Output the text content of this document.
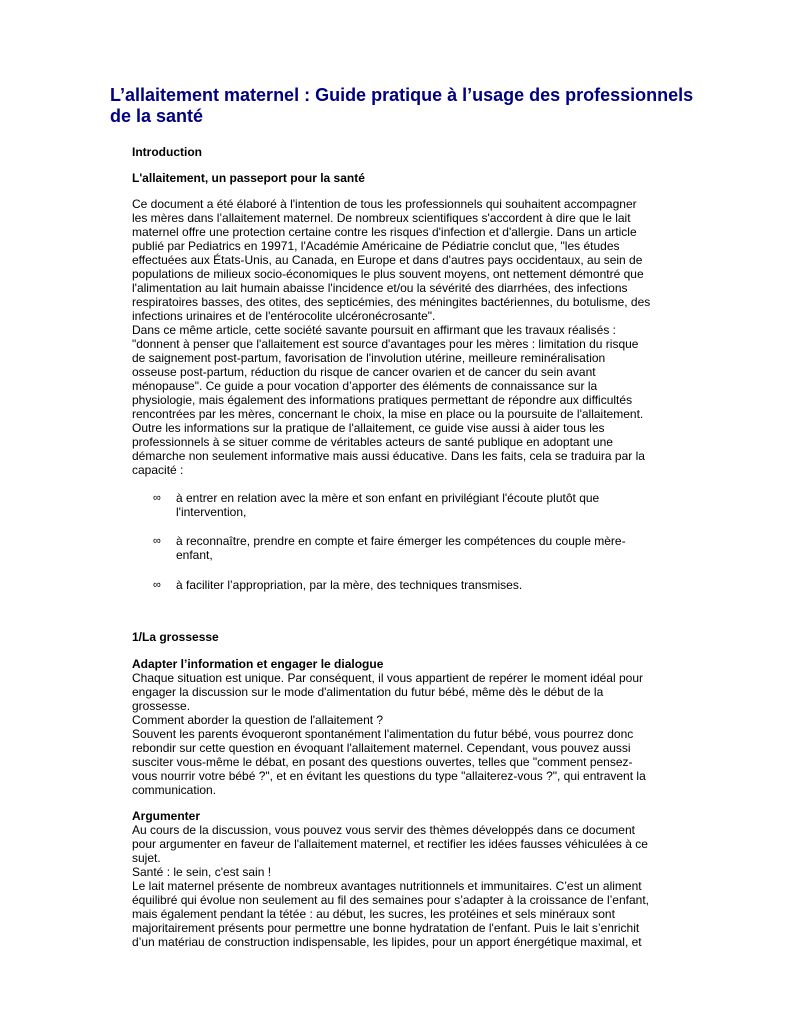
L’allaitement maternel : Guide pratique à l’usage des professionnels
de la santé
Introduction
L'allaitement, un passeport pour la santé
Ce document a été élaboré à l'intention de tous les professionnels qui souhaitent accompagner
les mères dans l’allaitement maternel. De nombreux scientifiques s'accordent à dire que le lait
maternel offre une protection certaine contre les risques d'infection et d'allergie. Dans un article
publié par Pediatrics en 19971, l'Académie Américaine de Pédiatrie conclut que, "les études
effectuées aux États-Unis, au Canada, en Europe et dans d'autres pays occidentaux, au sein de
populations de milieux socio-économiques le plus souvent moyens, ont nettement démontré que
l'alimentation au lait humain abaisse l'incidence et/ou la sévérité des diarrhées, des infections
respiratoires basses, des otites, des septicémies, des méningites bactériennes, du botulisme, des
infections urinaires et de l'entérocolite ulcéronécrosante".
Dans ce même article, cette société savante poursuit en affirmant que les travaux réalisés :
"donnent à penser que l'allaitement est source d'avantages pour les mères : limitation du risque
de saignement post-partum, favorisation de l'involution utérine, meilleure reminéralisation
osseuse post-partum, réduction du risque de cancer ovarien et de cancer du sein avant
ménopause". Ce guide a pour vocation d’apporter des éléments de connaissance sur la
physiologie, mais également des informations pratiques permettant de répondre aux difficultés
rencontrées par les mères, concernant le choix, la mise en place ou la poursuite de l'allaitement.
Outre les informations sur la pratique de l'allaitement, ce guide vise aussi à aider tous les
professionnels à se situer comme de véritables acteurs de santé publique en adoptant une
démarche non seulement informative mais aussi éducative. Dans les faits, cela se traduira par la
capacité :
∞ à entrer en relation avec la mère et son enfant en privilégiant l'écoute plutôt que
l'intervention,
∞ à reconnaître, prendre en compte et faire émerger les compétences du couple mère-
enfant,
∞ à faciliter l’appropriation, par la mère, des techniques transmises.
1/La grossesse
Adapter l’information et engager le dialogue
Chaque situation est unique. Par conséquent, il vous appartient de repérer le moment idéal pour
engager la discussion sur le mode d'alimentation du futur bébé, même dès le début de la
grossesse.
Comment aborder la question de l'allaitement ?
Souvent les parents évoqueront spontanément l'alimentation du futur bébé, vous pourrez donc
rebondir sur cette question en évoquant l'allaitement maternel. Cependant, vous pouvez aussi
susciter vous-même le débat, en posant des questions ouvertes, telles que "comment pensez-
vous nourrir votre bébé ?", et en évitant les questions du type "allaiterez-vous ?", qui entravent la
communication.
Argumenter
Au cours de la discussion, vous pouvez vous servir des thèmes développés dans ce document
pour argumenter en faveur de l'allaitement maternel, et rectifier les idées fausses véhiculées à ce
sujet.
Santé : le sein, c'est sain !
Le lait maternel présente de nombreux avantages nutritionnels et immunitaires. C’est un aliment
équilibré qui évolue non seulement au fil des semaines pour s’adapter à la croissance de l’enfant,
mais également pendant la tétée : au début, les sucres, les protéines et sels minéraux sont
majoritairement présents pour permettre une bonne hydratation de l'enfant. Puis le lait s’enrichit
d’un matériau de construction indispensable, les lipides, pour un apport énergétique maximal, et
